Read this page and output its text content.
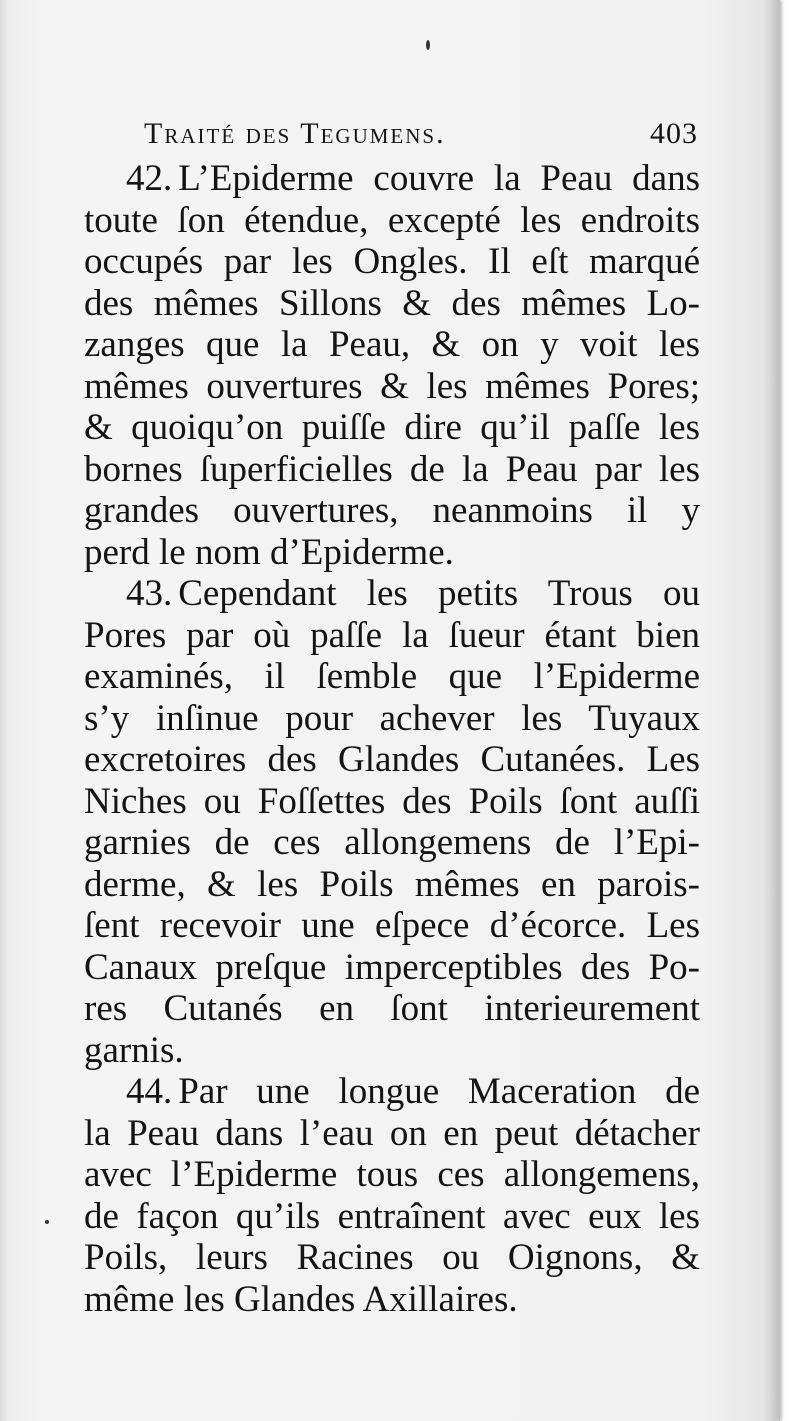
Traité des Tegumens.	403
42. L’Epiderme couvre la Peau dans
toute ſon étendue, excepté les endroits
occupés par les Ongles. Il eſt marqué
des mêmes Sillons & des mêmes Lo-
zanges que la Peau, & on y voit les
mêmes ouvertures & les mêmes Pores;
& quoiqu’on puiſſe dire qu’il paſſe les
bornes ſuperficielles de la Peau par les
grandes ouvertures, neanmoins il y
perd le nom d’Epiderme.
43. Cependant les petits Trous ou
Pores par où paſſe la ſueur étant bien
examinés, il ſemble que l’Epiderme
s’y inſinue pour achever les Tuyaux
excretoires des Glandes Cutanées. Les
Niches ou Foſſettes des Poils ſont auſſi
garnies de ces allongemens de l’Epi-
derme, & les Poils mêmes en parois-
ſent recevoir une eſpece d’écorce. Les
Canaux preſque imperceptibles des Po-
res Cutanés en ſont interieurement
garnis.
44. Par une longue Maceration de
la Peau dans l’eau on en peut détacher
avec l’Epiderme tous ces allongemens,
de façon qu’ils entraînent avec eux les
Poils, leurs Racines ou Oignons, &
même les Glandes Axillaires.
